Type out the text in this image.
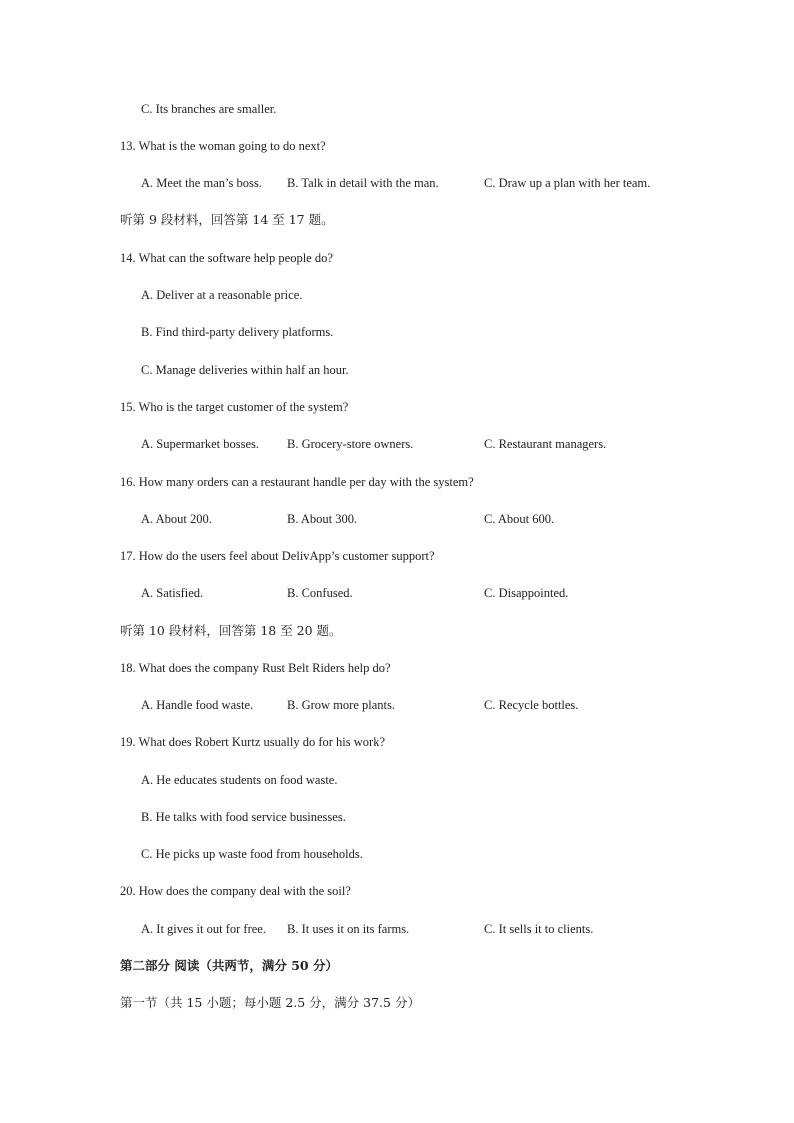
C. Its branches are smaller.
13. What is the woman going to do next?
A. Meet the man’s boss. B. Talk in detail with the man.	C. Draw up a plan with her team.
听第 9 段材料，回答第 14 至 17 题。
14. What can the software help people do?
A. Deliver at a reasonable price.
B. Find third-party delivery platforms.
C. Manage deliveries within half an hour.
15. Who is the target customer of the system?
A. Supermarket bosses. B. Grocery-store owners.	C. Restaurant managers.
16. How many orders can a restaurant handle per day with the system?
A. About 200.	B. About 300.	C. About 600.
17. How do the users feel about DelivApp’s customer support?
A. Satisfied.	B. Confused.	C. Disappointed.
听第 10 段材料，回答第 18 至 20 题。
18. What does the company Rust Belt Riders help do?
A. Handle food waste.	B. Grow more plants.	C. Recycle bottles.
19. What does Robert Kurtz usually do for his work?
A. He educates students on food waste.
B. He talks with food service businesses.
C. He picks up waste food from households.
20. How does the company deal with the soil?
A. It gives it out for free. B. It uses it on its farms.	C. It sells it to clients.
第二部分 阅读（共两节，满分 50 分）
第一节（共 15 小题；每小题 2.5 分，满分 37.5 分）
